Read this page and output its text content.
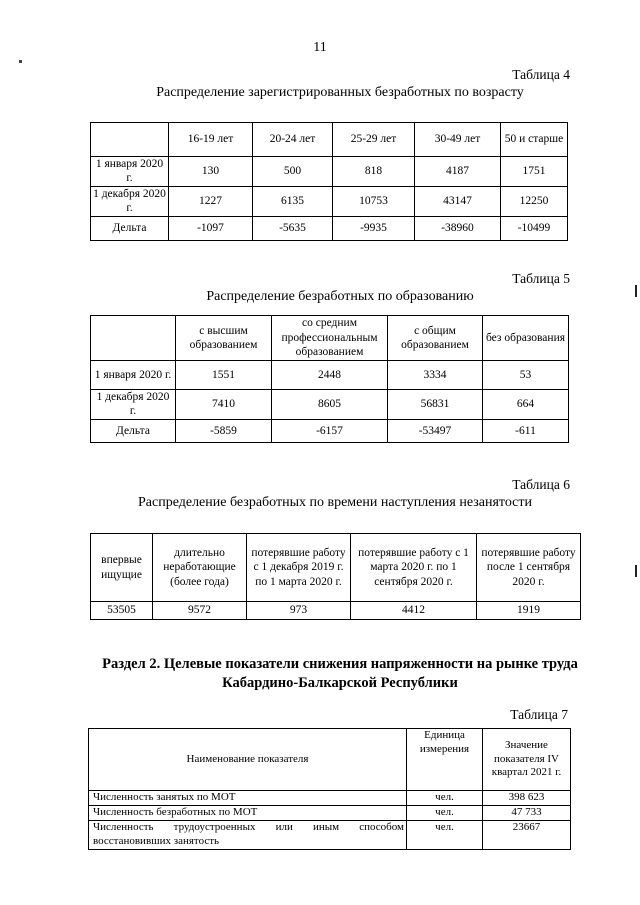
11
Таблица 4
Распределение зарегистрированных безработных по возрасту
	16-19 лет	20-24 лет	25-29 лет	30-49 лет	50 и старше
1 января 2020 г.	130	500	818	4187	1751
1 декабря 2020 г.	1227	6135	10753	43147	12250
Дельта	-1097	-5635	-9935	-38960	-10499
Таблица 5
Распределение безработных по образованию
	с высшим образованием	со средним профессиональным образованием	с общим образованием	без образования
1 января 2020 г.	1551	2448	3334	53
1 декабря 2020 г.	7410	8605	56831	664
Дельта	-5859	-6157	-53497	-611
Таблица 6
Распределение безработных по времени наступления незанятости
впервые ищущие	длительно неработающие (более года)	потерявшие работу с 1 декабря 2019 г. по 1 марта 2020 г.	потерявшие работу с 1 марта 2020 г. по 1 сентября 2020 г.	потерявшие работу после 1 сентября 2020 г.
53505	9572	973	4412	1919
Раздел 2. Целевые показатели снижения напряженности на рынке труда
Кабардино-Балкарской Республики
Таблица 7
Наименование показателя	Единица измерения	Значение показателя IV квартал 2021 г.
Численность занятых по МОТ	чел.	398 623
Численность безработных по МОТ	чел.	47 733
Численность трудоустроенных или иным способом восстановивших занятость	чел.	23667
